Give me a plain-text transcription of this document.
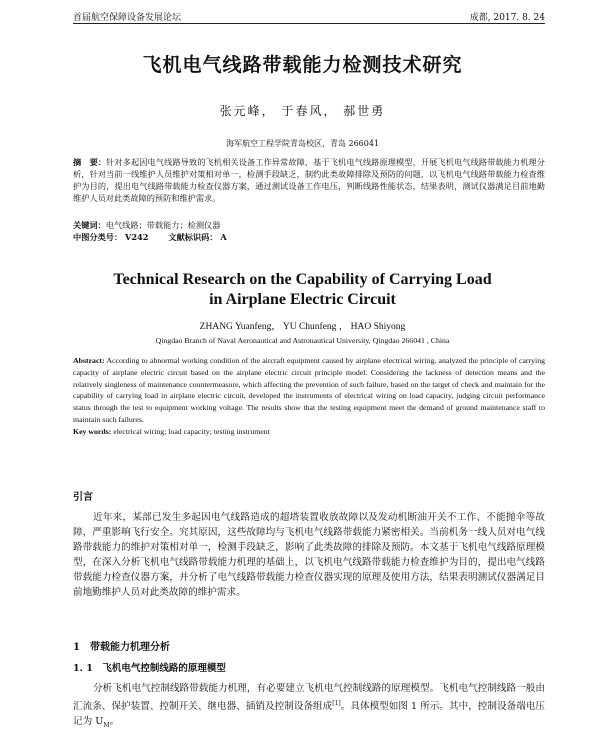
首届航空保障设备发展论坛	成都, 2017. 8. 24

飞机电气线路带载能力检测技术研究
张元峰， 于春风， 郝世勇
海军航空工程学院青岛校区，青岛 266041
摘　要：针对多起因电气线路导致的飞机相关设备工作异常故障，基于飞机电气线路原理模型，开展飞机电气线路带载能力机理分析，针对当前一线维护人员维护对策相对单一，检测手段缺乏，制约此类故障排除及预防的问题，以飞机电气线路带载能力检查维护为目的，提出电气线路带载能力检查仪器方案，通过测试设备工作电压，判断线路性能状态，结果表明，测试仪器满足目前地勤维护人员对此类故障的预防和维护需求。
关键词：电气线路；带载能力；检测仪器
中图分类号： V242 文献标识码： A
Technical Research on the Capability of Carrying Load
in Airplane Electric Circuit
ZHANG Yuanfeng， YU Chunfeng ， HAO Shiyong
Qingdao Branch of Naval Aeronautical and Astronautical University, Qingdao 266041 , China
Abstract: According to abnormal working condition of the aircraft equipment caused by airplane electrical wiring, analyzed the principle of carrying capacity of airplane electric circuit based on the airplane electric circuit principle model. Considering the lackness of detection means and the relatively singleness of maintenance countermeasure, which affecting the prevention of such failure, based on the target of check and maintain for the capability of carrying load in airplane electric circuit, developed the instruments of electrical wiring on load capacity, judging circuit performance status through the test to equipment working voltage. The results show that the testing equipment meet the demand of ground maintenance staff to maintain such failures.
Key words: electrical wiring; load capacity; testing instrument
引言
近年来，某部已发生多起因电气线路造成的超塔装置收放故障以及发动机断油开关不工作、不能抛伞等故障，严重影响飞行安全。究其原因，这些故障均与飞机电气线路带载能力紧密相关。当前机务一线人员对电气线路带载能力的维护对策相对单一，检测手段缺乏，影响了此类故障的排除及预防。本文基于飞机电气线路原理模型，在深入分析飞机电气线路带载能力机理的基础上，以飞机电气线路带载能力检查维护为目的，提出电气线路带载能力检查仪器方案，并分析了电气线路带载能力检查仪器实现的原理及使用方法，结果表明测试仪器满足目前地勤维护人员对此类故障的维护需求。
1　带载能力机理分析
1. 1　飞机电气控制线路的原理模型
分析飞机电气控制线路带载能力机理，有必要建立飞机电气控制线路的原理模型。飞机电气控制线路一般由汇流条、保护装置、控制开关、继电器、插销及控制设备组成[1]。具体模型如图 1 所示。其中，控制设备端电压记为 $U_M$。
